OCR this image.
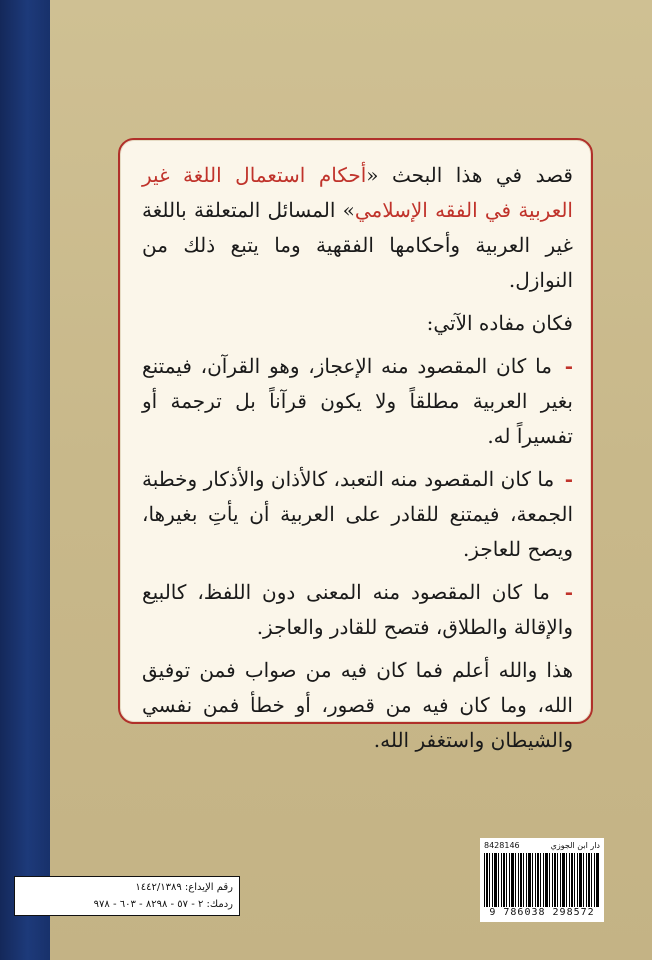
قصد في هذا البحث «أحكام استعمال اللغة غير العربية في الفقه الإسلامي» المسائل المتعلقة باللغة غير العربية وأحكامها الفقهية وما يتبع ذلك من النوازل.

فكان مفاده الآتي:

- ما كان المقصود منه الإعجاز، وهو القرآن، فيمتنع بغير العربية مطلقاً ولا يكون قرآناً بل ترجمة أو تفسيراً له.

- ما كان المقصود منه التعبد، كالأذان والأذكار وخطبة الجمعة، فيمتنع للقادر على العربية أن يأتِ بغيرها، ويصح للعاجز.

- ما كان المقصود منه المعنى دون اللفظ، كالبيع والإقالة والطلاق، فتصح للقادر والعاجز.

هذا والله أعلم فما كان فيه من صواب فمن توفيق الله، وما كان فيه من قصور، أو خطأ فمن نفسي والشيطان واستغفر الله.

8428146	دار ابن الجوزي
9 786038 298572
رقم الإيداع: ١٤٤٢/١٣٨٩
ردمك: ٢ - ٥٧ - ٨٢٩٨ - ٦٠٣ - ٩٧٨
